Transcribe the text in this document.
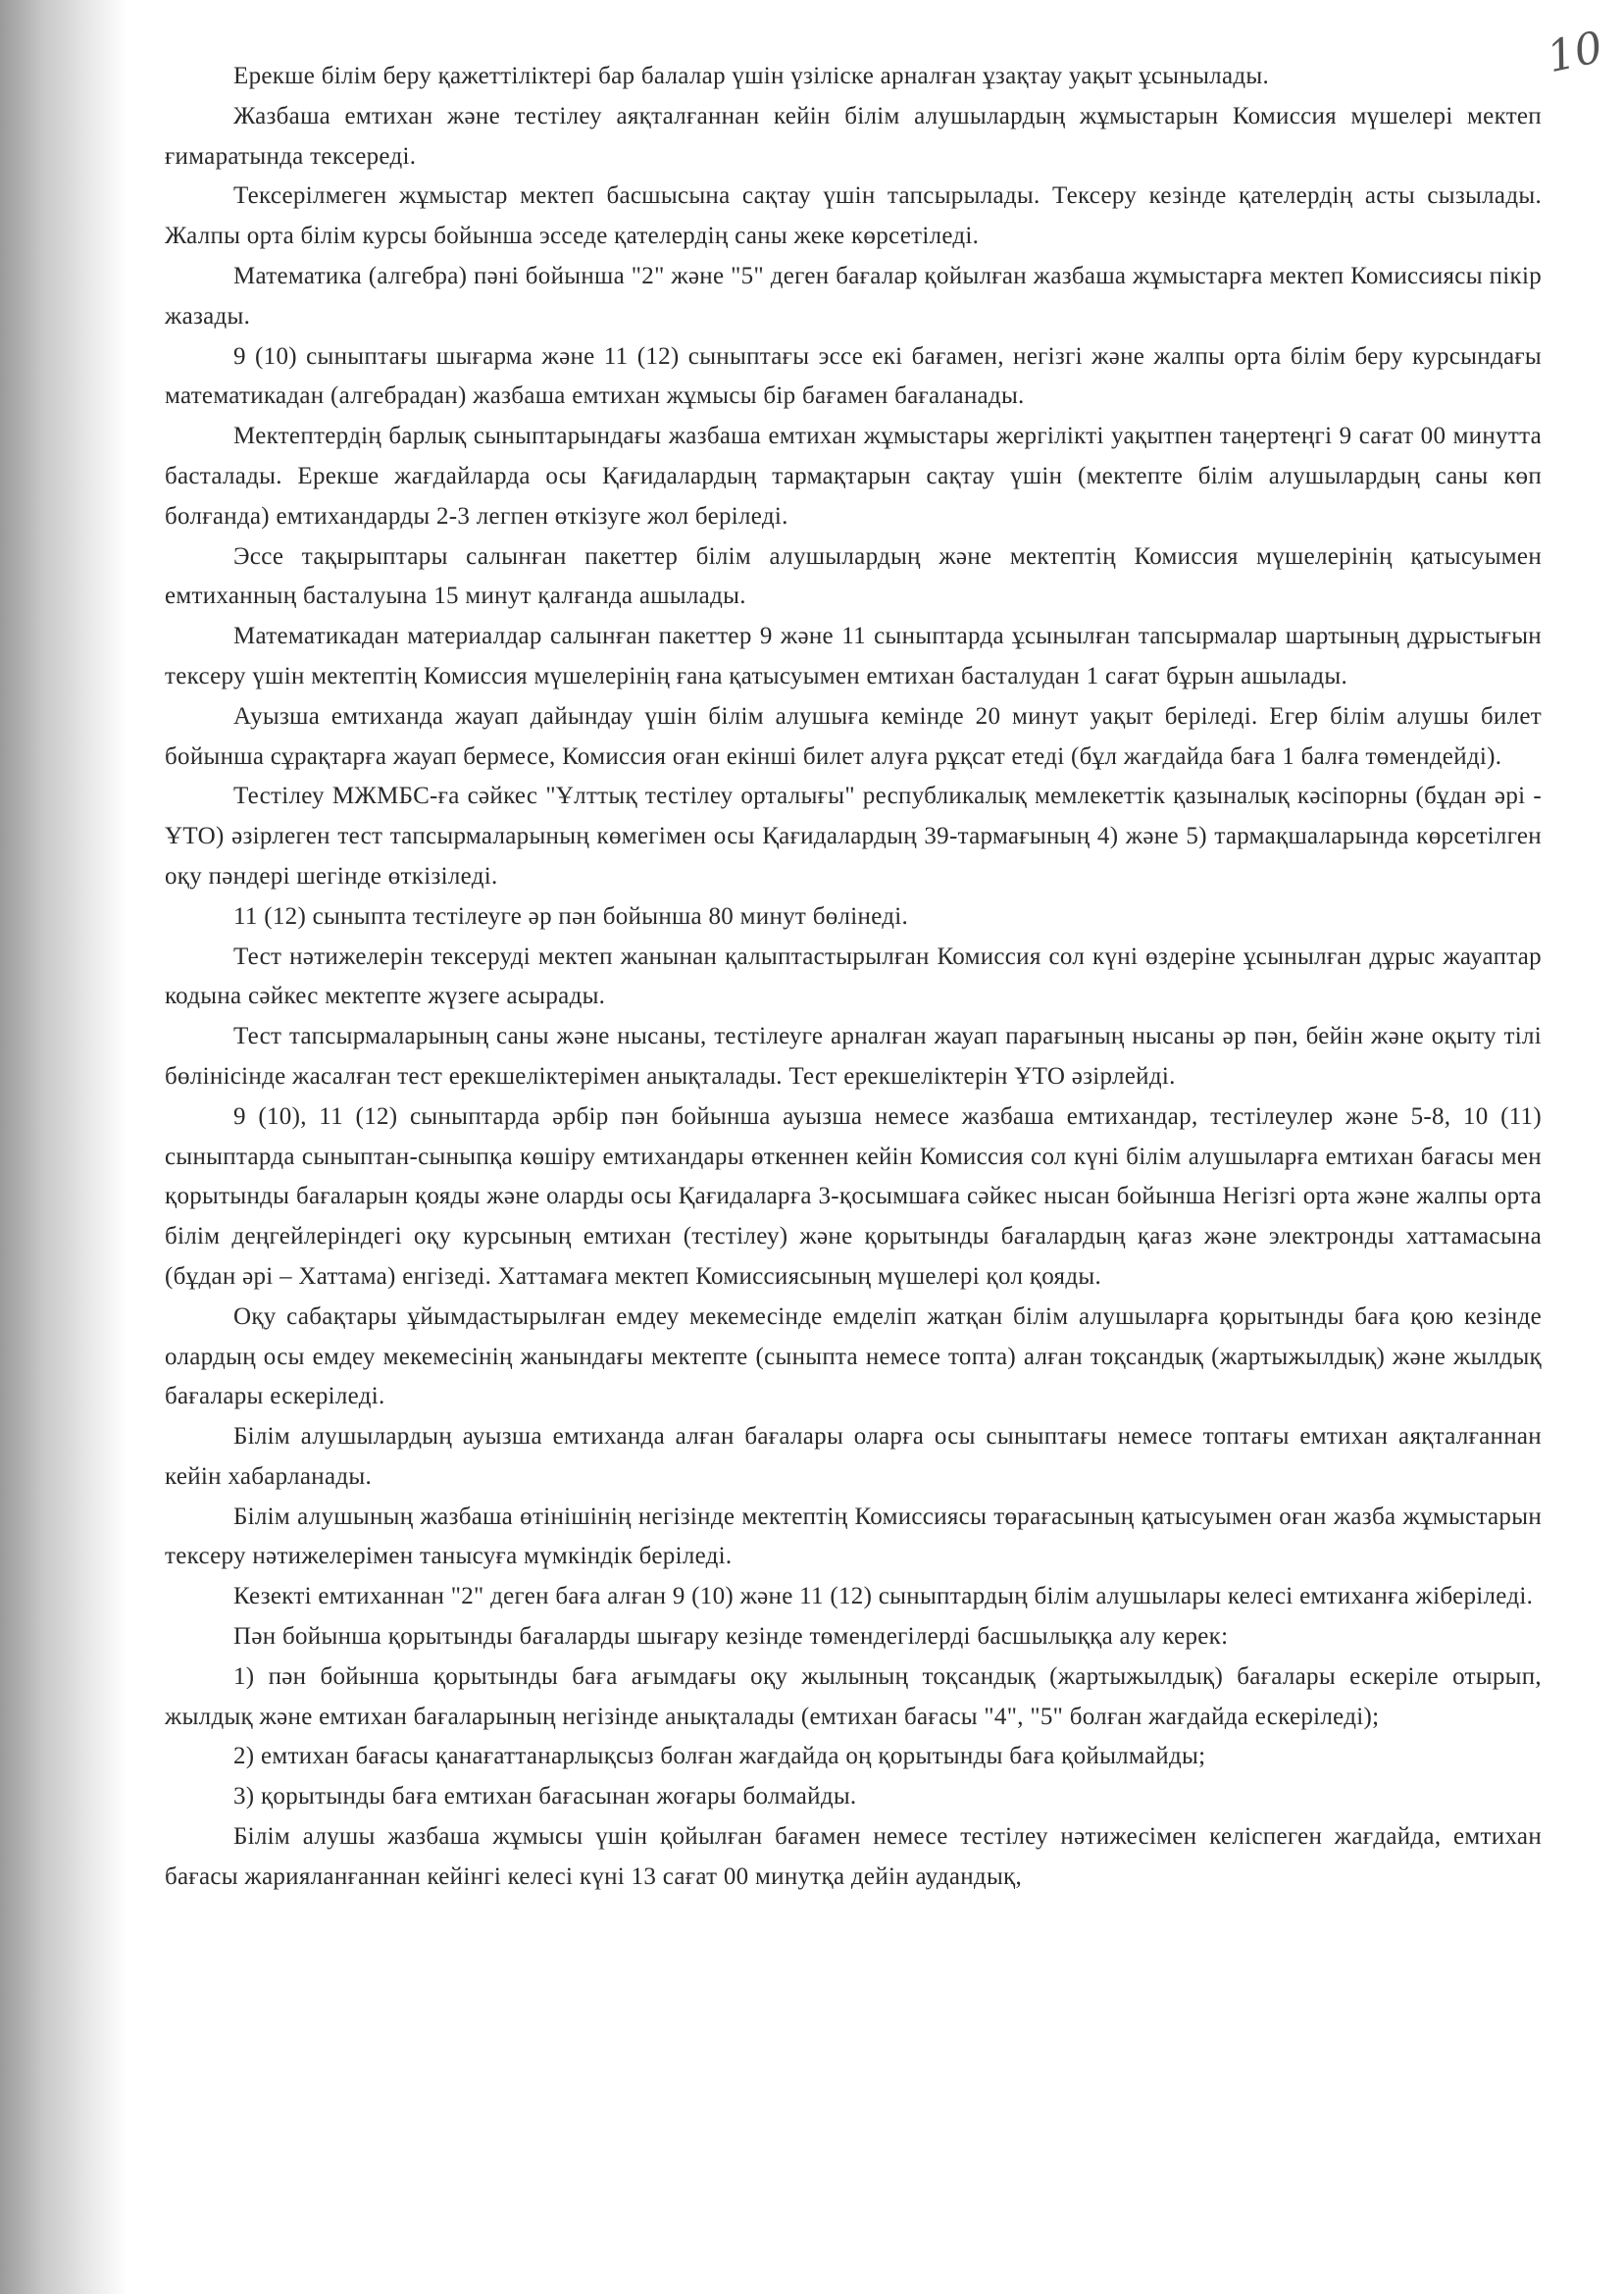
10

Ерекше білім беру қажеттіліктері бар балалар үшін үзіліске арналған ұзақтау уақыт ұсынылады.

Жазбаша емтихан және тестілеу аяқталғаннан кейін білім алушылардың жұмыстарын Комиссия мүшелері мектеп ғимаратында тексереді.

Тексерілмеген жұмыстар мектеп басшысына сақтау үшін тапсырылады. Тексеру кезінде қателердің асты сызылады. Жалпы орта білім курсы бойынша эсседе қателердің саны жеке көрсетіледі.

Математика (алгебра) пәні бойынша "2" және "5" деген бағалар қойылған жазбаша жұмыстарға мектеп Комиссиясы пікір жазады.

9 (10) сыныптағы шығарма және 11 (12) сыныптағы эссе екі бағамен, негізгі және жалпы орта білім беру курсындағы математикадан (алгебрадан) жазбаша емтихан жұмысы бір бағамен бағаланады.

Мектептердің барлық сыныптарындағы жазбаша емтихан жұмыстары жергілікті уақытпен таңертеңгі 9 сағат 00 минутта басталады. Ерекше жағдайларда осы Қағидалардың тармақтарын сақтау үшін (мектепте білім алушылардың саны көп болғанда) емтихандарды 2-3 легпен өткізуге жол беріледі.

Эссе тақырыптары салынған пакеттер білім алушылардың және мектептің Комиссия мүшелерінің қатысуымен емтиханның басталуына 15 минут қалғанда ашылады.

Математикадан материалдар салынған пакеттер 9 және 11 сыныптарда ұсынылған тапсырмалар шартының дұрыстығын тексеру үшін мектептің Комиссия мүшелерінің ғана қатысуымен емтихан басталудан 1 сағат бұрын ашылады.

Ауызша емтиханда жауап дайындау үшін білім алушыға кемінде 20 минут уақыт беріледі. Егер білім алушы билет бойынша сұрақтарға жауап бермесе, Комиссия оған екінші билет алуға рұқсат етеді (бұл жағдайда баға 1 балға төмендейді).

Тестілеу МЖМБС-ға сәйкес "Ұлттық тестілеу орталығы" республикалық мемлекеттік қазыналық кәсіпорны (бұдан әрі - ҰТО) әзірлеген тест тапсырмаларының көмегімен осы Қағидалардың 39-тармағының 4) және 5) тармақшаларында көрсетілген оқу пәндері шегінде өткізіледі.

11 (12) сыныпта тестілеуге әр пән бойынша 80 минут бөлінеді.

Тест нәтижелерін тексеруді мектеп жанынан қалыптастырылған Комиссия сол күні өздеріне ұсынылған дұрыс жауаптар кодына сәйкес мектепте жүзеге асырады.

Тест тапсырмаларының саны және нысаны, тестілеуге арналған жауап парағының нысаны әр пән, бейін және оқыту тілі бөлінісінде жасалған тест ерекшеліктерімен анықталады. Тест ерекшеліктерін ҰТО әзірлейді.

9 (10), 11 (12) сыныптарда әрбір пән бойынша ауызша немесе жазбаша емтихандар, тестілеулер және 5-8, 10 (11) сыныптарда сыныптан-сыныпқа көшіру емтихандары өткеннен кейін Комиссия сол күні білім алушыларға емтихан бағасы мен қорытынды бағаларын қояды және оларды осы Қағидаларға 3-қосымшаға сәйкес нысан бойынша Негізгі орта және жалпы орта білім деңгейлеріндегі оқу курсының емтихан (тестілеу) және қорытынды бағалардың қағаз және электронды хаттамасына (бұдан әрі – Хаттама) енгізеді. Хаттамаға мектеп Комиссиясының мүшелері қол қояды.

Оқу сабақтары ұйымдастырылған емдеу мекемесінде емделіп жатқан білім алушыларға қорытынды баға қою кезінде олардың осы емдеу мекемесінің жанындағы мектепте (сыныпта немесе топта) алған тоқсандық (жартыжылдық) және жылдық бағалары ескеріледі.

Білім алушылардың ауызша емтиханда алған бағалары оларға осы сыныптағы немесе топтағы емтихан аяқталғаннан кейін хабарланады.

Білім алушының жазбаша өтінішінің негізінде мектептің Комиссиясы төрағасының қатысуымен оған жазба жұмыстарын тексеру нәтижелерімен танысуға мүмкіндік беріледі.

Кезекті емтиханнан "2" деген баға алған 9 (10) және 11 (12) сыныптардың білім алушылары келесі емтиханға жіберіледі.

Пән бойынша қорытынды бағаларды шығару кезінде төмендегілерді басшылыққа алу керек:

1) пән бойынша қорытынды баға ағымдағы оқу жылының тоқсандық (жартыжылдық) бағалары ескеріле отырып, жылдық және емтихан бағаларының негізінде анықталады (емтихан бағасы "4", "5" болған жағдайда ескеріледі);

2) емтихан бағасы қанағаттанарлықсыз болған жағдайда оң қорытынды баға қойылмайды;

3) қорытынды баға емтихан бағасынан жоғары болмайды.

Білім алушы жазбаша жұмысы үшін қойылған бағамен немесе тестілеу нәтижесімен келіспеген жағдайда, емтихан бағасы жарияланғаннан кейінгі келесі күні 13 сағат 00 минутқа дейін аудандық,
